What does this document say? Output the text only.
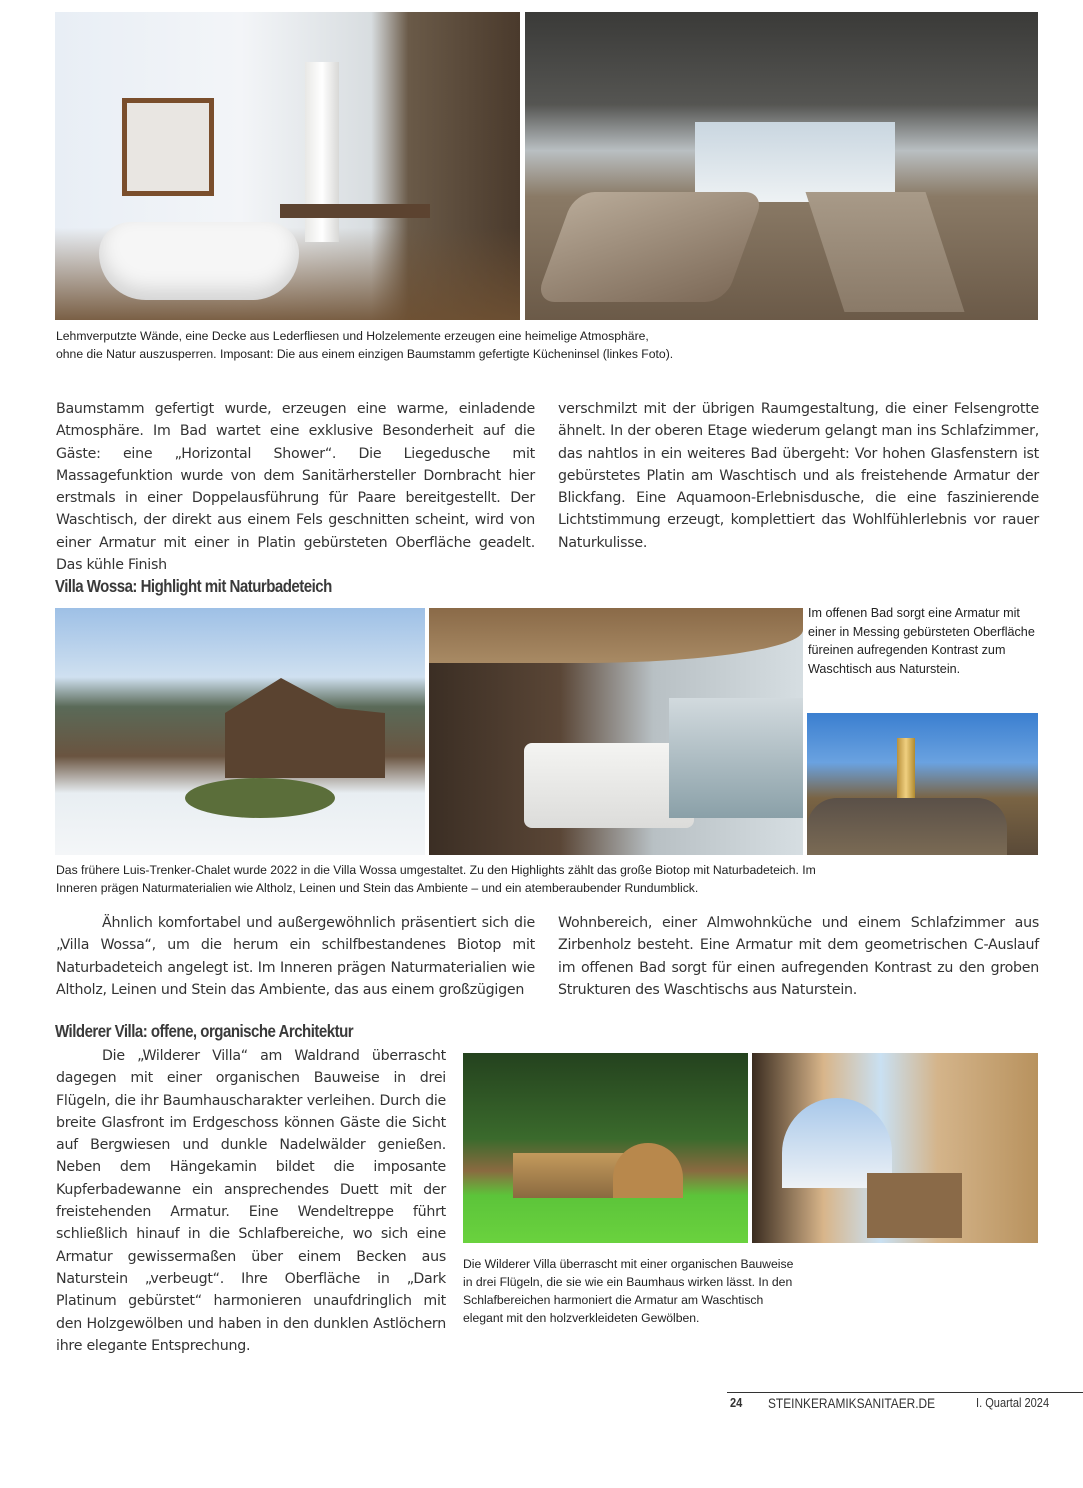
Lehmverputzte Wände, eine Decke aus Lederfliesen und Holzelemente erzeugen eine heimelige Atmosphäre,
ohne die Natur auszusperren. Imposant: Die aus einem einzigen Baumstamm gefertigte Kücheninsel (linkes Foto).
Baumstamm gefertigt wurde, erzeugen eine warme, einladende Atmosphäre. Im Bad wartet eine exklusive Besonderheit auf die Gäste: eine „Horizontal Shower“. Die Liegedusche mit Massagefunktion wurde von dem Sanitärhersteller Dornbracht hier erstmals in einer Doppelausführung für Paare bereitgestellt. Der Waschtisch, der direkt aus einem Fels geschnitten scheint, wird von einer Armatur mit einer in Platin gebürsteten Oberfläche geadelt. Das kühle Finish
verschmilzt mit der übrigen Raumgestaltung, die einer Felsengrotte ähnelt. In der oberen Etage wiederum gelangt man ins Schlafzimmer, das nahtlos in ein weiteres Bad übergeht: Vor hohen Glasfenstern ist gebürstetes Platin am Waschtisch und als freistehende Armatur der Blickfang. Eine Aquamoon-Erlebnisdusche, die eine faszinierende Lichtstimmung erzeugt, komplettiert das Wohlfühlerlebnis vor rauer Naturkulisse.
Villa Wossa: Highlight mit Naturbadeteich
Im offenen Bad sorgt eine Armatur mit einer in Messing gebürsteten Oberfläche füreinen aufregenden Kontrast zum Waschtisch aus Naturstein.
Das frühere Luis-Trenker-Chalet wurde 2022 in die Villa Wossa umgestaltet. Zu den Highlights zählt das große Biotop mit Naturbadeteich. Im
Inneren prägen Naturmaterialien wie Altholz, Leinen und Stein das Ambiente – und ein atemberaubender Rundumblick.
Ähnlich komfortabel und außergewöhnlich präsentiert sich die „Villa Wossa“, um die herum ein schilfbestandenes Biotop mit Naturbadeteich angelegt ist. Im Inneren prägen Naturmaterialien wie Altholz, Leinen und Stein das Ambiente, das aus einem großzügigen
Wohnbereich, einer Almwohnküche und einem Schlafzimmer aus Zirbenholz besteht. Eine Armatur mit dem geometrischen C-Auslauf im offenen Bad sorgt für einen aufregenden Kontrast zu den groben Strukturen des Waschtischs aus Naturstein.
Wilderer Villa: offene, organische Architektur
Die „Wilderer Villa“ am Waldrand überrascht dagegen mit einer organischen Bauweise in drei Flügeln, die ihr Baumhauscharakter verleihen. Durch die breite Glasfront im Erdgeschoss können Gäste die Sicht auf Bergwiesen und dunkle Nadelwälder genießen. Neben dem Hängekamin bildet die imposante Kupferbadewanne ein ansprechendes Duett mit der freistehenden Armatur. Eine Wendeltreppe führt schließlich hinauf in die Schlafbereiche, wo sich eine Armatur gewissermaßen über einem Becken aus Naturstein „verbeugt“. Ihre Oberfläche in „Dark Platinum gebürstet“ harmonieren unaufdringlich mit den Holzgewölben und haben in den dunklen Astlöchern ihre elegante Entsprechung.
Die Wilderer Villa überrascht mit einer organischen Bauweise
in drei Flügeln, die sie wie ein Baumhaus wirken lässt. In den
Schlafbereichen harmoniert die Armatur am Waschtisch
elegant mit den holzverkleideten Gewölben.
24 STEINKERAMIKSANITAER.DE	I. Quartal 2024
